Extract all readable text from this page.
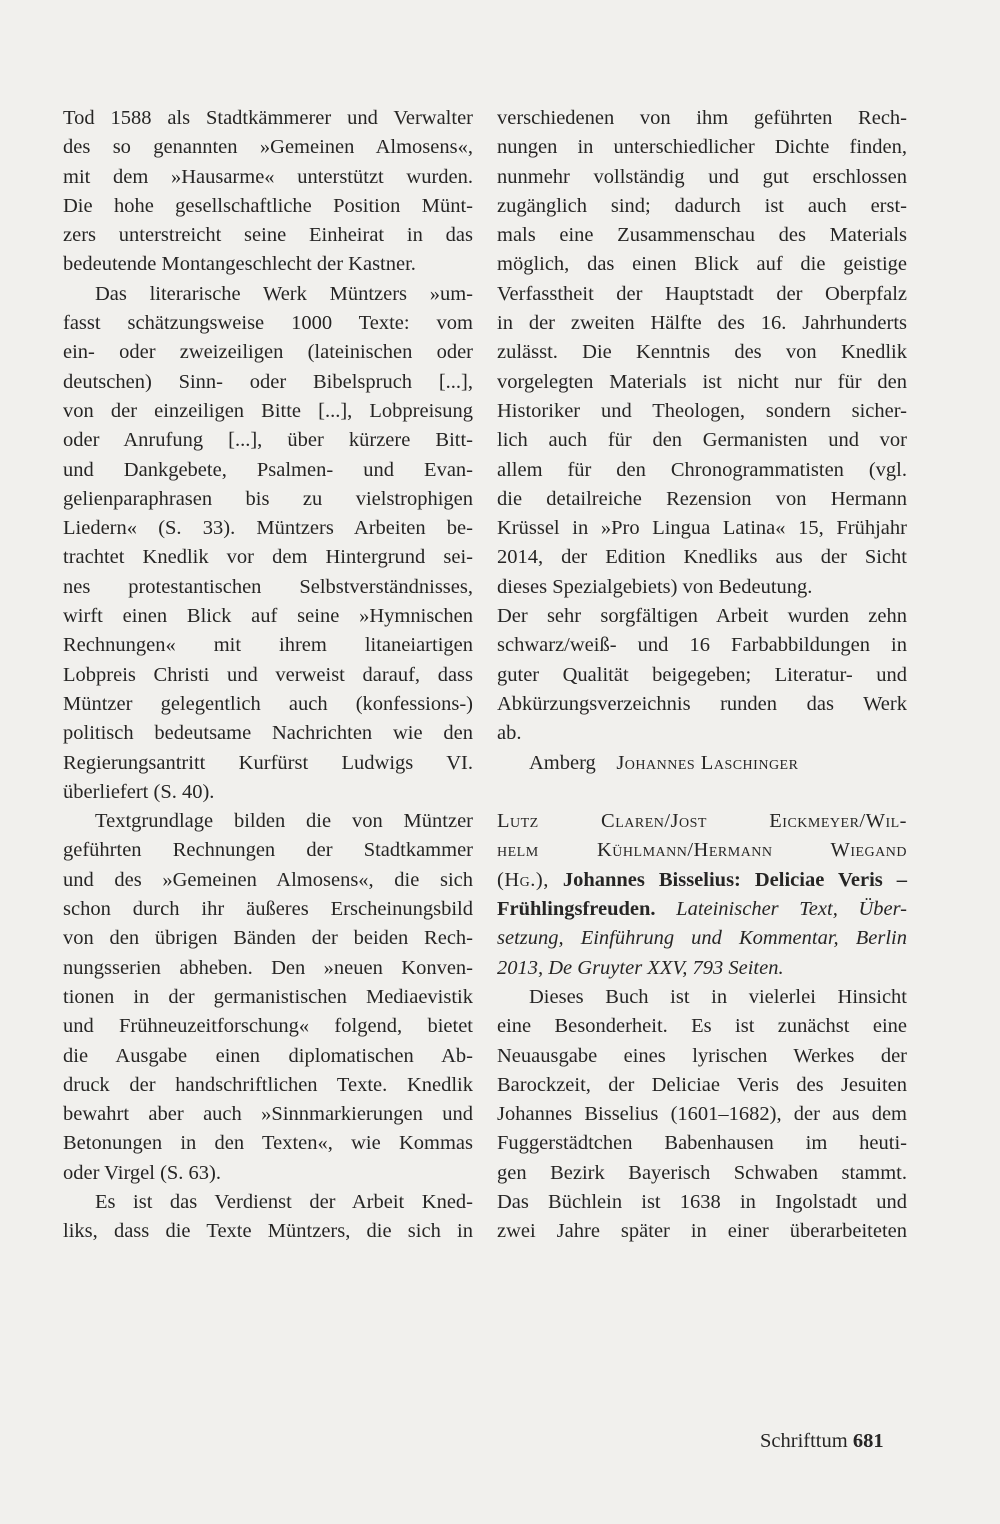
Tod 1588 als Stadtkämmerer und Verwalter
des so genannten »Gemeinen Almosens«,
mit dem »Hausarme« unterstützt wurden.
Die hohe gesellschaftliche Position Münt-
zers unterstreicht seine Einheirat in das
bedeutende Montangeschlecht der Kastner.
Das literarische Werk Müntzers »um-
fasst schätzungsweise 1000 Texte: vom
ein- oder zweizeiligen (lateinischen oder
deutschen) Sinn- oder Bibelspruch [...],
von der einzeiligen Bitte [...], Lobpreisung
oder Anrufung [...], über kürzere Bitt-
und Dankgebete, Psalmen- und Evan-
gelienparaphrasen bis zu vielstrophigen
Liedern« (S. 33). Müntzers Arbeiten be-
trachtet Knedlik vor dem Hintergrund sei-
nes protestantischen Selbstverständnisses,
wirft einen Blick auf seine »Hymnischen
Rechnungen« mit ihrem litaneiartigen
Lobpreis Christi und verweist darauf, dass
Müntzer gelegentlich auch (konfessions-)
politisch bedeutsame Nachrichten wie den
Regierungsantritt Kurfürst Ludwigs VI.
überliefert (S. 40).
Textgrundlage bilden die von Müntzer
geführten Rechnungen der Stadtkammer
und des »Gemeinen Almosens«, die sich
schon durch ihr äußeres Erscheinungsbild
von den übrigen Bänden der beiden Rech-
nungsserien abheben. Den »neuen Konven-
tionen in der germanistischen Mediaevistik
und Frühneuzeitforschung« folgend, bietet
die Ausgabe einen diplomatischen Ab-
druck der handschriftlichen Texte. Knedlik
bewahrt aber auch »Sinnmarkierungen und
Betonungen in den Texten«, wie Kommas
oder Virgel (S. 63).
Es ist das Verdienst der Arbeit Kned-
liks, dass die Texte Müntzers, die sich in
verschiedenen von ihm geführten Rech-
nungen in unterschiedlicher Dichte finden,
nunmehr vollständig und gut erschlossen
zugänglich sind; dadurch ist auch erst-
mals eine Zusammenschau des Materials
möglich, das einen Blick auf die geistige
Verfasstheit der Hauptstadt der Oberpfalz
in der zweiten Hälfte des 16. Jahrhunderts
zulässt. Die Kenntnis des von Knedlik
vorgelegten Materials ist nicht nur für den
Historiker und Theologen, sondern sicher-
lich auch für den Germanisten und vor
allem für den Chronogrammatisten (vgl.
die detailreiche Rezension von Hermann
Krüssel in »Pro Lingua Latina« 15, Frühjahr
2014, der Edition Knedliks aus der Sicht
dieses Spezialgebiets) von Bedeutung.
Der sehr sorgfältigen Arbeit wurden zehn
schwarz/weiß- und 16 Farbabbildungen in
guter Qualität beigegeben; Literatur- und
Abkürzungsverzeichnis runden das Werk
ab.
Amberg Johannes Laschinger
Lutz Claren/Jost Eickmeyer/Wil-
helm Kühlmann/Hermann Wiegand
(Hg.), Johannes Bisselius: Deliciae Veris –
Frühlingsfreuden. Lateinischer Text, Über-
setzung, Einführung und Kommentar, Berlin
2013, De Gruyter XXV, 793 Seiten.
Dieses Buch ist in vielerlei Hinsicht
eine Besonderheit. Es ist zunächst eine
Neuausgabe eines lyrischen Werkes der
Barockzeit, der Deliciae Veris des Jesuiten
Johannes Bisselius (1601–1682), der aus dem
Fuggerstädtchen Babenhausen im heuti-
gen Bezirk Bayerisch Schwaben stammt.
Das Büchlein ist 1638 in Ingolstadt und
zwei Jahre später in einer überarbeiteten
Schrifttum 681
